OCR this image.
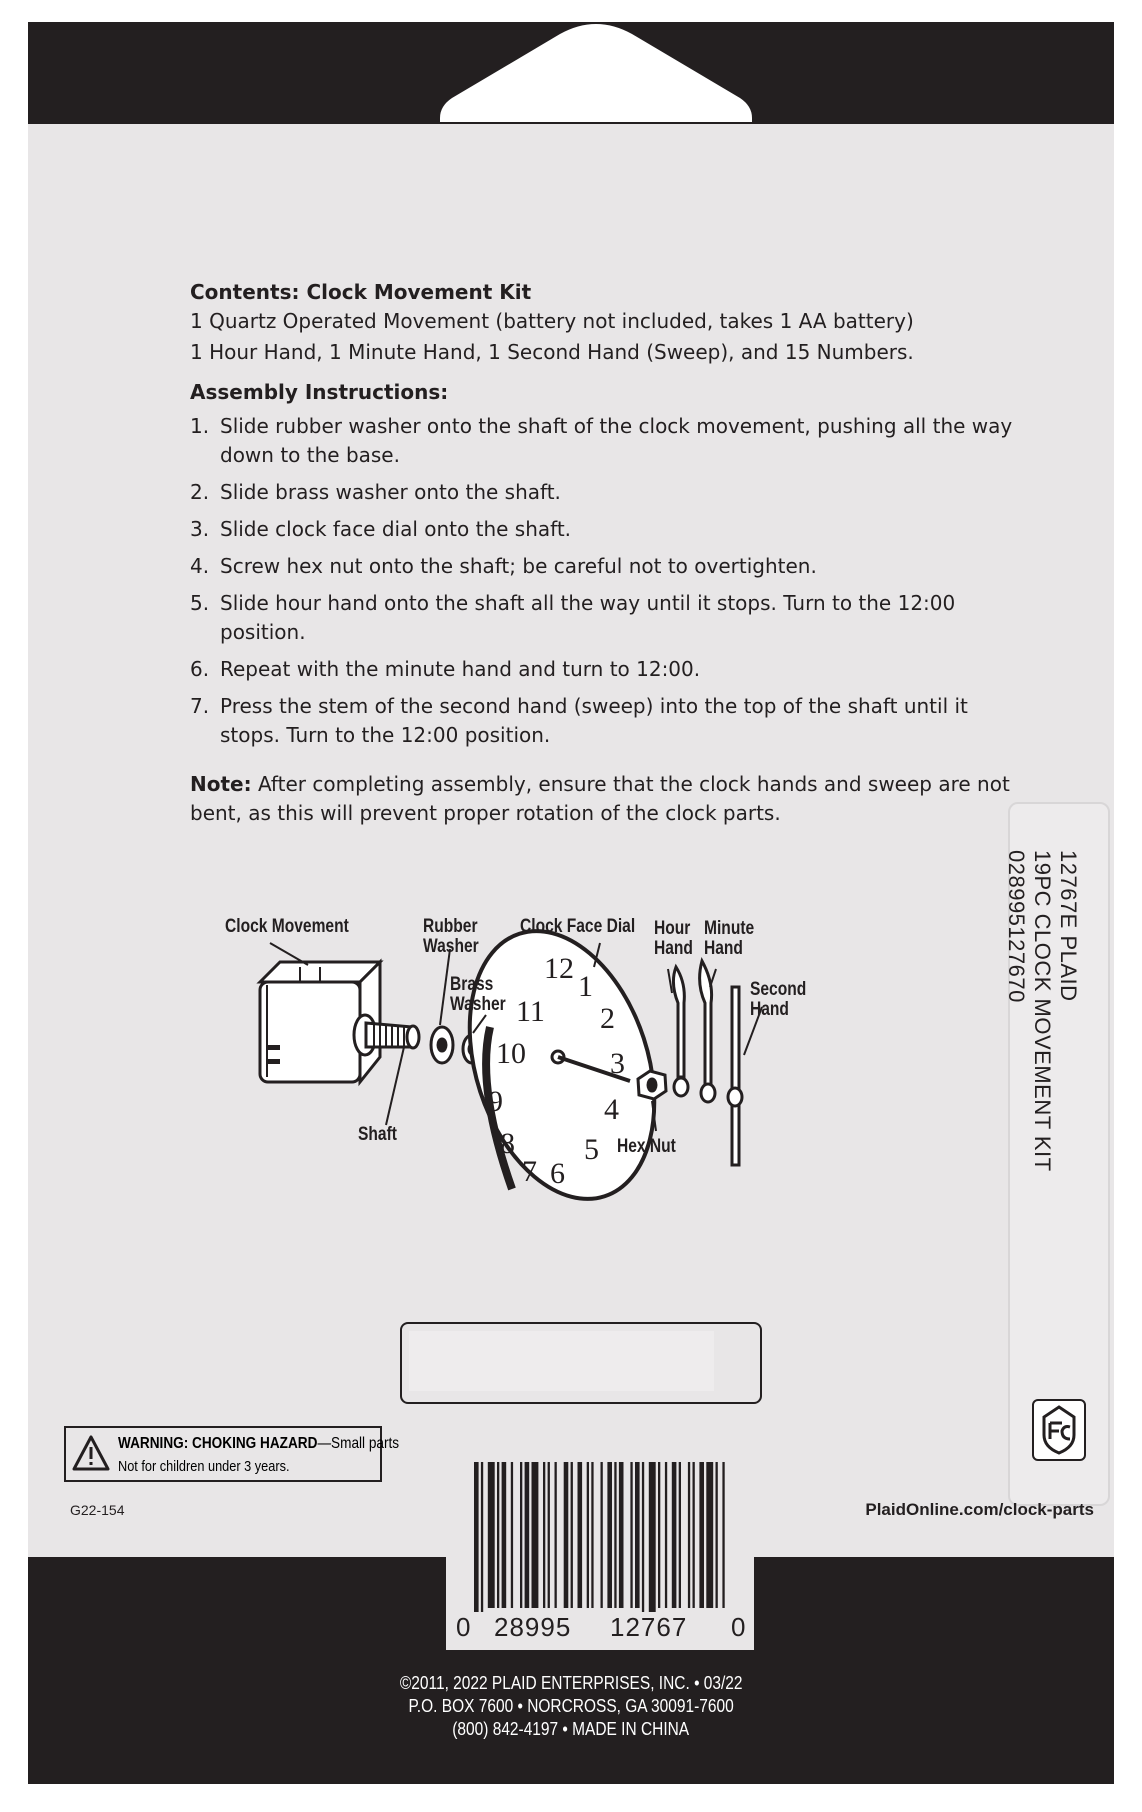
Contents: Clock Movement Kit

1 Quartz Operated Movement (battery not included, takes 1 AA battery)

1 Hour Hand, 1 Minute Hand, 1 Second Hand (Sweep), and 15 Numbers.

Assembly Instructions:

1. Slide rubber washer onto the shaft of the clock movement, pushing all the way down to the base.
2. Slide brass washer onto the shaft.
3. Slide clock face dial onto the shaft.
4. Screw hex nut onto the shaft; be careful not to overtighten.
5. Slide hour hand onto the shaft all the way until it stops. Turn to the 12:00 position.
6. Repeat with the minute hand and turn to 12:00.
7. Press the stem of the second hand (sweep) into the top of the shaft until it stops. Turn to the 12:00 position.
Note: After completing assembly, ensure that the clock hands and sweep are not bent, as this will prevent proper rotation of the clock parts.
12767E PLAID
19PC CLOCK MOVEMENT KIT
028995127670
Clock Movement	Rubber
Washer
Brass
Washer
Clock Face Dial Hour
Hand
Minute
Hand
Second
Hand
Shaft
Hex Nut
12
1
2
3
4
5
6
7
8
9
10
11
WARNING: CHOKING HAZARD—Small parts
Not for children under 3 years.
G22-154	PlaidOnline.com/clock-parts
0 28995 12767 0
©2011, 2022 PLAID ENTERPRISES, INC. • 03/22
P.O. BOX 7600 • NORCROSS, GA 30091-7600
(800) 842-4197 • MADE IN CHINA
